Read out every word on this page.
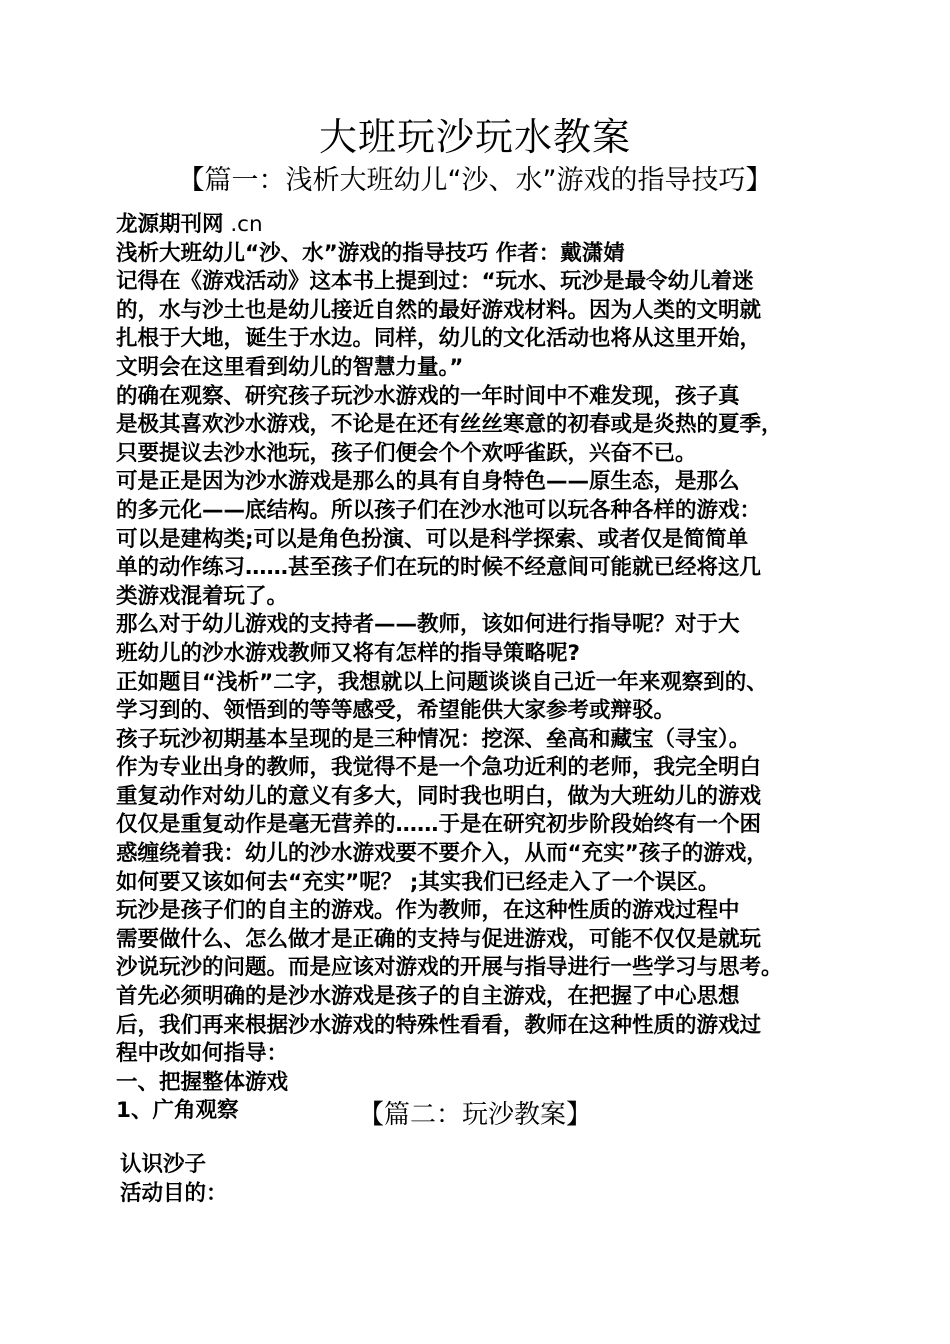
大班玩沙玩水教案
【篇一：浅析大班幼儿“沙、水”游戏的指导技巧】
龙源期刊网 .cn
浅析大班幼儿“沙、水”游戏的指导技巧 作者：戴潇婧
记得在《游戏活动》这本书上提到过：“玩水、玩沙是最令幼儿着迷
的，水与沙土也是幼儿接近自然的最好游戏材料。因为人类的文明就
扎根于大地，诞生于水边。同样，幼儿的文化活动也将从这里开始，
文明会在这里看到幼儿的智慧力量。”
的确在观察、研究孩子玩沙水游戏的一年时间中不难发现，孩子真
是极其喜欢沙水游戏，不论是在还有丝丝寒意的初春或是炎热的夏季，
只要提议去沙水池玩，孩子们便会个个欢呼雀跃，兴奋不已。
可是正是因为沙水游戏是那么的具有自身特色——原生态，是那么
的多元化——底结构。所以孩子们在沙水池可以玩各种各样的游戏：
可以是建构类;可以是角色扮演、可以是科学探索、或者仅是简简单
单的动作练习……甚至孩子们在玩的时候不经意间可能就已经将这几
类游戏混着玩了。
那么对于幼儿游戏的支持者——教师，该如何进行指导呢？对于大
班幼儿的沙水游戏教师又将有怎样的指导策略呢?
正如题目“浅析”二字，我想就以上问题谈谈自己近一年来观察到的、
学习到的、领悟到的等等感受，希望能供大家参考或辩驳。
孩子玩沙初期基本呈现的是三种情况：挖深、垒高和藏宝（寻宝）。
作为专业出身的教师，我觉得不是一个急功近利的老师，我完全明白
重复动作对幼儿的意义有多大，同时我也明白，做为大班幼儿的游戏
仅仅是重复动作是毫无营养的……于是在研究初步阶段始终有一个困
惑缠绕着我：幼儿的沙水游戏要不要介入，从而“充实”孩子的游戏，
如何要又该如何去“充实”呢？ ;其实我们已经走入了一个误区。
玩沙是孩子们的自主的游戏。作为教师，在这种性质的游戏过程中
需要做什么、怎么做才是正确的支持与促进游戏，可能不仅仅是就玩
沙说玩沙的问题。而是应该对游戏的开展与指导进行一些学习与思考。
首先必须明确的是沙水游戏是孩子的自主游戏，在把握了中心思想
后，我们再来根据沙水游戏的特殊性看看，教师在这种性质的游戏过
程中改如何指导：
一、把握整体游戏
1、广角观察	【篇二：玩沙教案】
认识沙子
活动目的：
